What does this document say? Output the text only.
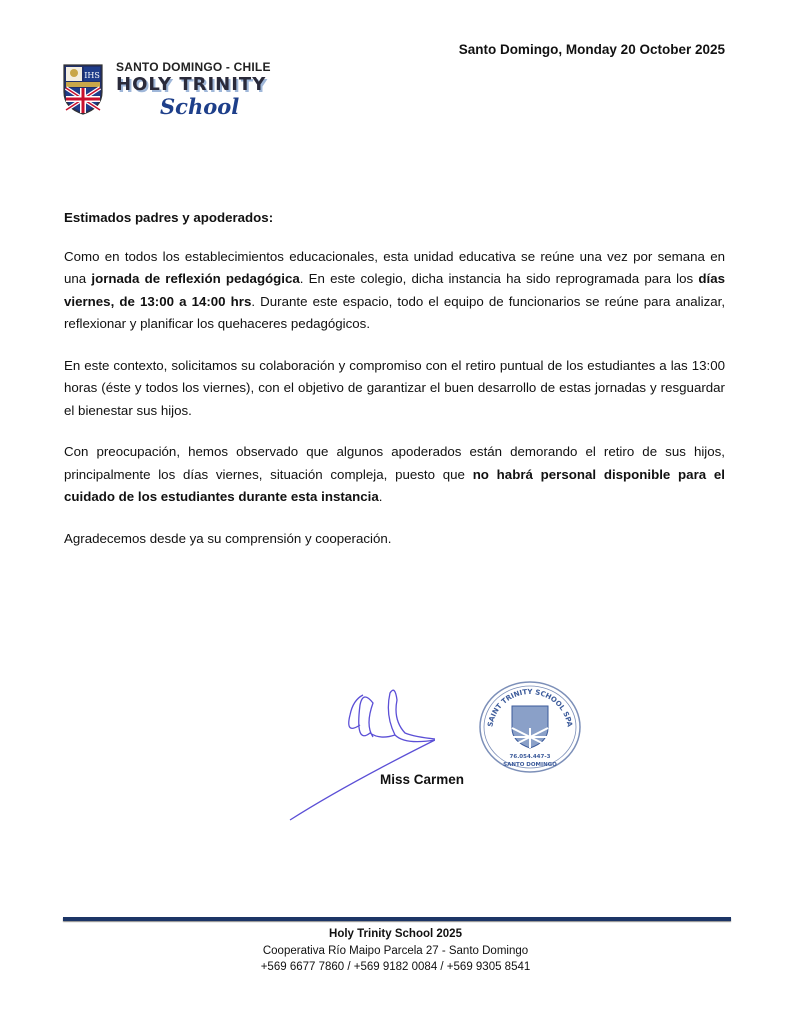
Santo Domingo, Monday 20 October 2025
IHS
SANTO DOMINGO - CHILE
HOLY TRINITY
School
Estimados padres y apoderados:

Como en todos los establecimientos educacionales, esta unidad educativa se reúne una vez por semana en una jornada de reflexión pedagógica. En este colegio, dicha instancia ha sido reprogramada para los días viernes, de 13:00 a 14:00 hrs. Durante este espacio, todo el equipo de funcionarios se reúne para analizar, reflexionar y planificar los quehaceres pedagógicos.

En este contexto, solicitamos su colaboración y compromiso con el retiro puntual de los estudiantes a las 13:00 horas (éste y todos los viernes), con el objetivo de garantizar el buen desarrollo de estas jornadas y resguardar el bienestar sus hijos.

Con preocupación, hemos observado que algunos apoderados están demorando el retiro de sus hijos, principalmente los días viernes, situación compleja, puesto que no habrá personal disponible para el cuidado de los estudiantes durante esta instancia.

Agradecemos desde ya su comprensión y cooperación.

Miss Carmen
SAINT TRINITY SCHOOL SPA
76.054.447-3
SANTO DOMINGO
Holy Trinity School 2025
Cooperativa Río Maipo Parcela 27 - Santo Domingo
+569 6677 7860 / +569 9182 0084 / +569 9305 8541
